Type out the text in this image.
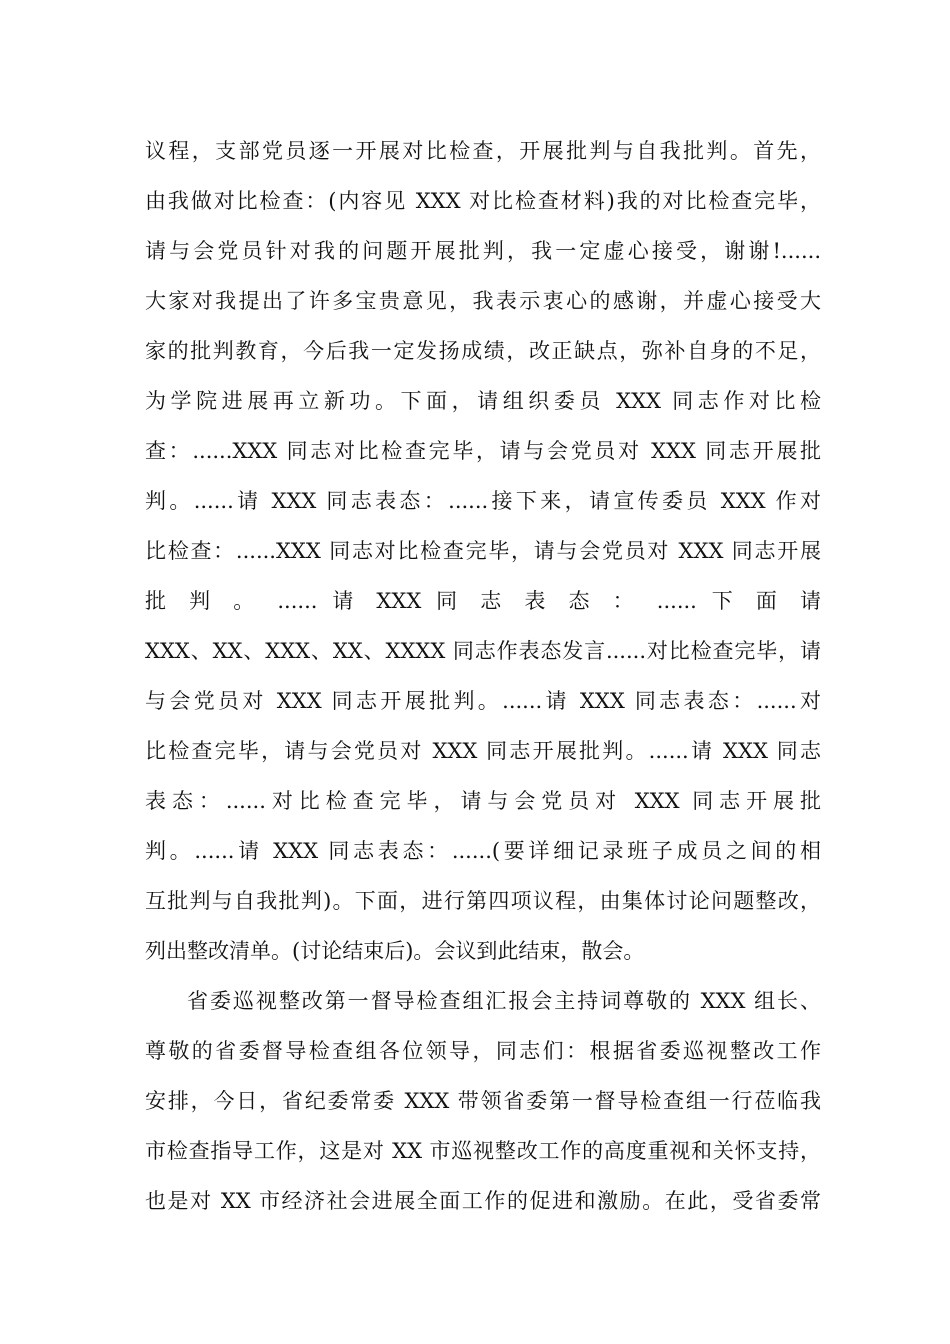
议程，支部党员逐一开展对比检查，开展批判与自我批判。首先，
由我做对比检查：(内容见 XXX 对比检查材料)我的对比检查完毕，
请与会党员针对我的问题开展批判，我一定虚心接受，谢谢!......
大家对我提出了许多宝贵意见，我表示衷心的感谢，并虚心接受大
家的批判教育，今后我一定发扬成绩，改正缺点，弥补自身的不足，
为学院进展再立新功。下面，请组织委员 XXX 同志作对比检
查：......XXX 同志对比检查完毕，请与会党员对 XXX 同志开展批
判。......请 XXX 同志表态：......接下来，请宣传委员 XXX 作对
比检查：......XXX 同志对比检查完毕，请与会党员对 XXX 同志开展
批 判 。 ...... 请 XXX 同 志 表 态 ： ...... 下 面 请
XXX、XX、XXX、XX、XXXX 同志作表态发言......对比检查完毕，请
与会党员对 XXX 同志开展批判。......请 XXX 同志表态：......对
比检查完毕，请与会党员对 XXX 同志开展批判。......请 XXX 同志
表态：......对比检查完毕，请与会党员对 XXX 同志开展批
判。......请 XXX 同志表态：......(要详细记录班子成员之间的相
互批判与自我批判)。下面，进行第四项议程，由集体讨论问题整改，
列出整改清单。(讨论结束后)。会议到此结束，散会。
省委巡视整改第一督导检查组汇报会主持词尊敬的 XXX 组长、
尊敬的省委督导检查组各位领导，同志们：根据省委巡视整改工作
安排，今日，省纪委常委 XXX 带领省委第一督导检查组一行莅临我
市检查指导工作，这是对 XX 市巡视整改工作的高度重视和关怀支持，
也是对 XX 市经济社会进展全面工作的促进和激励。在此，受省委常
